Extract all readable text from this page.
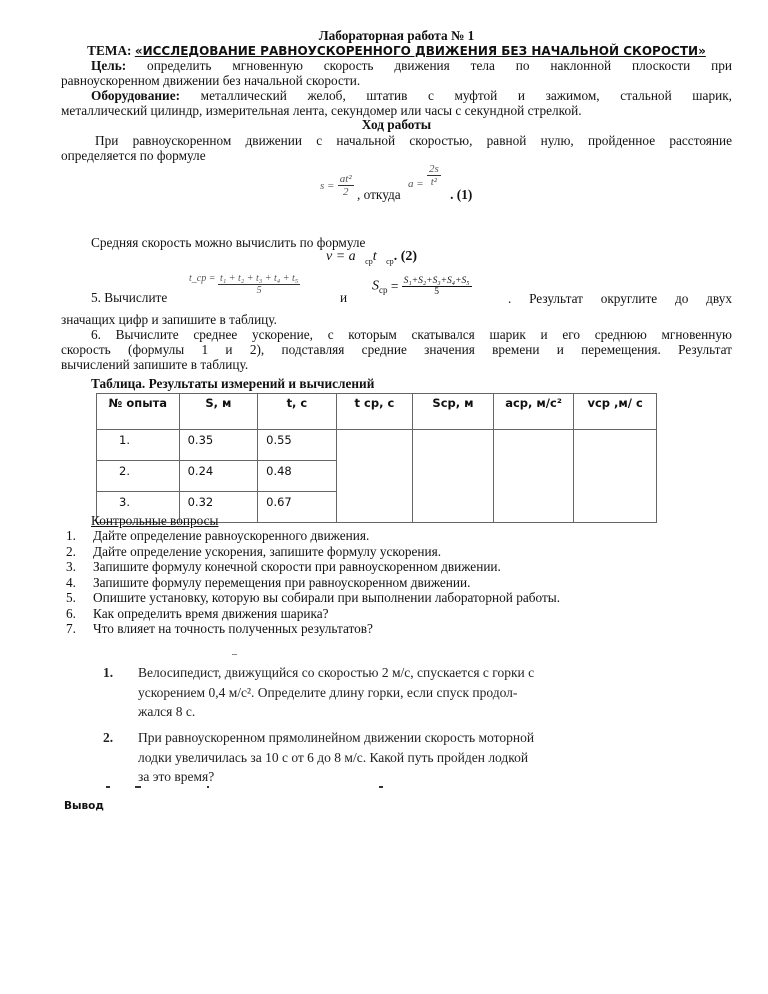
Лабораторная работа № 1
ТЕМА: «ИССЛЕДОВАНИЕ РАВНОУСКОРЕННОГО ДВИЖЕНИЯ БЕЗ НАЧАЛЬНОЙ СКОРОСТИ»
Цель: определить мгновенную скорость движения тела по наклонной плоскости при
равноускоренном движении без начальной скорости.
Оборудование: металлический желоб, штатив с муфтой и зажимом, стальной шарик,
металлический цилиндр, измерительная лента, секундомер или часы с секундной стрелкой.
Ход работы
При равноускоренном движении с начальной скоростью, равной нулю, пройденное расстояние
определяется по формуле
$s = \frac{\text{at²}}{2}$ , откуда $a = \frac{2s}{\text{t²}}$
. (1)
Средняя скорость можно вычислить по формуле
v = a $_{cp}$t $_{cp}$. (2)
5. Вычислите
t_cp = $\frac{\text{t₁ + t₂ + t₃ + t₄ + t₅}}{5}$
и
$S_{ср} = \frac{\text{S₁+S₂+S₃+S₄+S₅}}{5}$
. Результат округлите до двух
значащих цифр и запишите в таблицу.
6. Вычислите среднее ускорение, с которым скатывался шарик и его среднюю мгновенную
скорость (формулы 1 и 2), подставляя средние значения времени и перемещения. Результат
вычислений запишите в таблицу.
Таблица. Результаты измерений и вычислений
№ опыта	S, м	t, с	t ср, с	Sср, м	aср, м/с²	vср ,м/ с
1.	0.35	0.55				
2.	0.24	0.48				
3.	0.32	0.67				
Контрольные вопросы
1. Дайте определение равноускоренного движения.
2. Дайте определение ускорения, запишите формулу ускорения.
3. Запишите формулу конечной скорости при равноускоренном движении.
4. Запишите формулу перемещения при равноускоренном движении.
5. Опишите установку, которую вы собирали при выполнении лабораторной работы.
6. Как определить время движения шарика?
7. Что влияет на точность полученных результатов?
1. Велосипедист, движущийся со скоростью 2 м/с, спускается с горки с
ускорением 0,4 м/с². Определите длину горки, если спуск продол-
жался 8 с.
2. При равноускоренном прямолинейном движении скорость моторной
лодки увеличилась за 10 с от 6 до 8 м/с. Какой путь пройден лодкой
за это время?
Вывод
